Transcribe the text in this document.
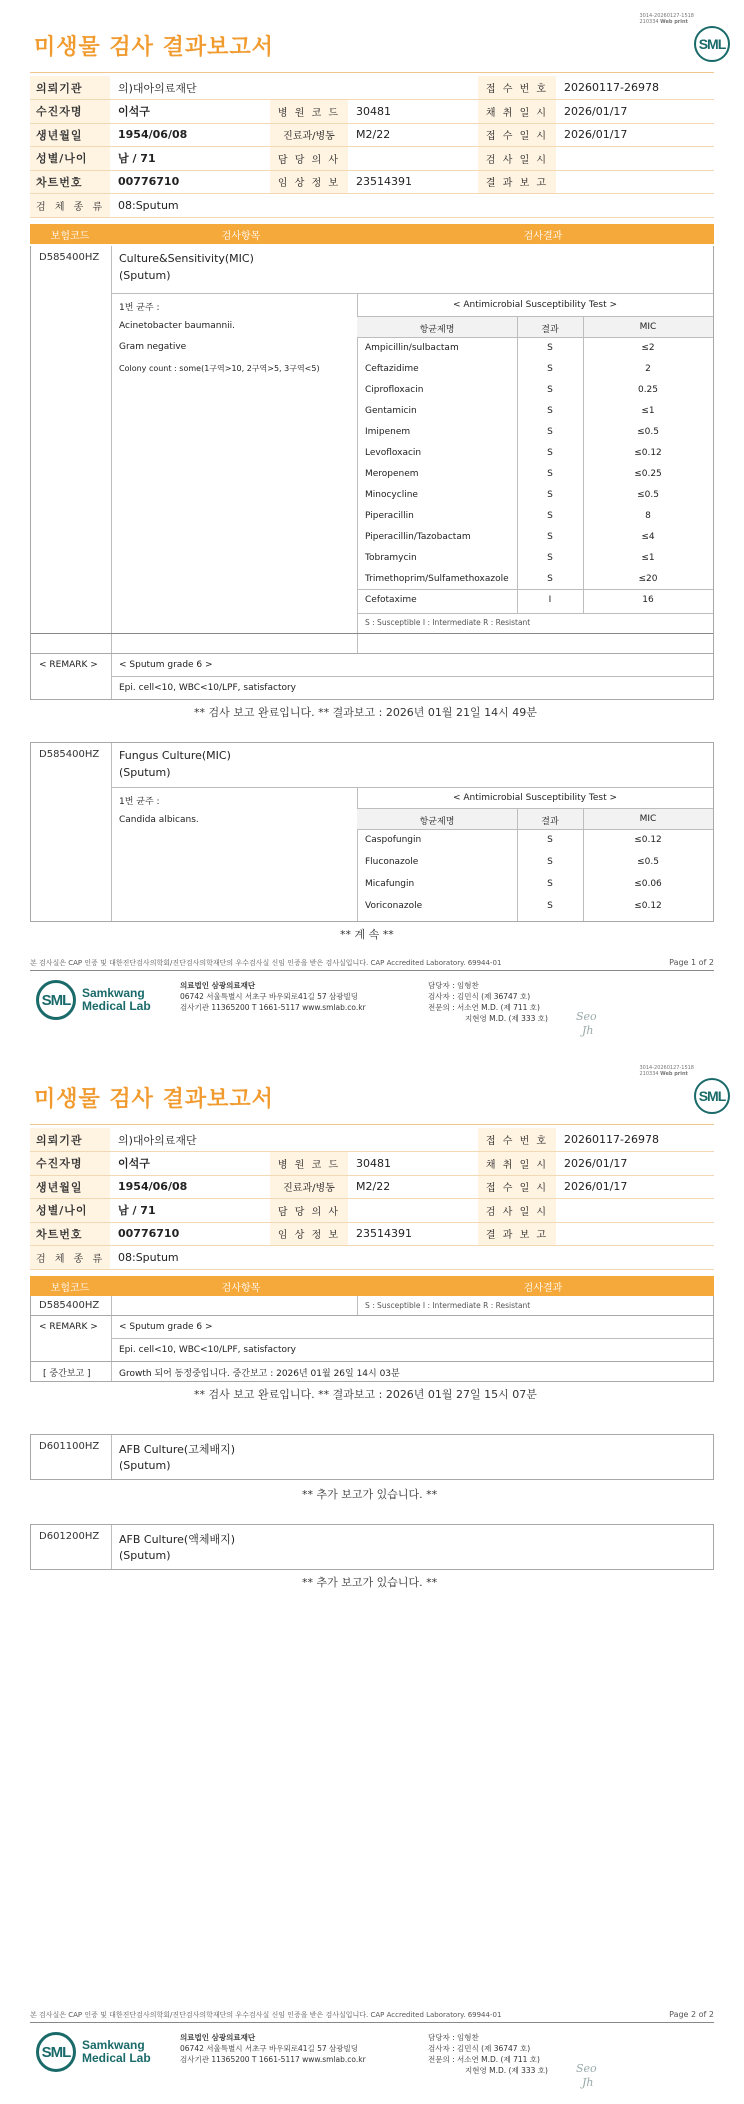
3014-20260127-1518
210334 Web print
SML
미생물 검사 결과보고서
의뢰기관	의)대아의료재단			접 수 번 호	20260117-26978
수진자명	이석구	병 원 코 드	30481	채 취 일 시	2026/01/17
생년월일	1954/06/08	진료과/병동	M2/22	접 수 일 시	2026/01/17
성별/나이	남 / 71	담 당 의 사		검 사 일 시	
차트번호	00776710	임 상 정 보	23514391	결 과 보 고	
검 체 종 류	08:Sputum				
보험코드	검사항목	검사결과
D585400HZ Culture&Sensitivity(MIC)
(Sputum)
1번 균주 :
Acinetobacter baumannii.
Gram negative
Colony count : some(1구역>10, 2구역>5, 3구역<5)
< Antimicrobial Susceptibility Test >
항균제명	결과	MIC
Ampicillin/sulbactam	S	≤2
Ceftazidime	S	2
Ciprofloxacin	S	0.25
Gentamicin	S	≤1
Imipenem	S	≤0.5
Levofloxacin	S	≤0.12
Meropenem	S	≤0.25
Minocycline	S	≤0.5
Piperacillin	S	8
Piperacillin/Tazobactam	S	≤4
Tobramycin	S	≤1
Trimethoprim/Sulfamethoxazole	S	≤20
Cefotaxime	I	16
S : Susceptible I : Intermediate R : Resistant
< REMARK > < Sputum grade 6 >
Epi. cell<10, WBC<10/LPF, satisfactory
** 검사 보고 완료입니다. ** 결과보고 : 2026년 01월 21일 14시 49분
D585400HZ Fungus Culture(MIC)
(Sputum)
1번 균주 :
Candida albicans.
< Antimicrobial Susceptibility Test >
항균제명	결과	MIC
Caspofungin	S	≤0.12
Fluconazole	S	≤0.5
Micafungin	S	≤0.06
Voriconazole	S	≤0.12
** 계 속 **
본 검사실은 CAP 인증 및 대한진단검사의학회/진단검사의학재단의 우수검사실 신임 인증을 받은 검사실입니다. CAP Accredited Laboratory. 69944-01	Page 1 of 2
SML Samkwang
Medical Lab
의료법인 삼광의료재단
06742 서울특별시 서초구 바우뫼로41길 57 삼광빌딩
검사기관 11365200 T 1661-5117 www.smlab.co.kr
담당자 : 임형찬
검사자 : 김민식 (제 36747 호)
전문의 : 서소연 M.D. (제 711 호)
지현영 M.D. (제 333 호)	Seo
Jh
3014-20260127-1518
210334 Web print
SML
미생물 검사 결과보고서
의뢰기관	의)대아의료재단			접 수 번 호	20260117-26978
수진자명	이석구	병 원 코 드	30481	채 취 일 시	2026/01/17
생년월일	1954/06/08	진료과/병동	M2/22	접 수 일 시	2026/01/17
성별/나이	남 / 71	담 당 의 사		검 사 일 시	
차트번호	00776710	임 상 정 보	23514391	결 과 보 고	
검 체 종 류	08:Sputum				
보험코드	검사항목	검사결과
D585400HZ	S : Susceptible I : Intermediate R : Resistant
< REMARK > < Sputum grade 6 >
Epi. cell<10, WBC<10/LPF, satisfactory
[ 중간보고 ]	Growth 되어 동정중입니다. 중간보고 : 2026년 01월 26일 14시 03분
** 검사 보고 완료입니다. ** 결과보고 : 2026년 01월 27일 15시 07분
D601100HZ AFB Culture(고체배지)
(Sputum)
** 추가 보고가 있습니다. **
D601200HZ AFB Culture(액체배지)
(Sputum)
** 추가 보고가 있습니다. **
본 검사실은 CAP 인증 및 대한진단검사의학회/진단검사의학재단의 우수검사실 신임 인증을 받은 검사실입니다. CAP Accredited Laboratory. 69944-01	Page 2 of 2
SML Samkwang
Medical Lab
의료법인 삼광의료재단
06742 서울특별시 서초구 바우뫼로41길 57 삼광빌딩
검사기관 11365200 T 1661-5117 www.smlab.co.kr
담당자 : 임형찬
검사자 : 김민식 (제 36747 호)
전문의 : 서소연 M.D. (제 711 호)
지현영 M.D. (제 333 호)	Seo
Jh
